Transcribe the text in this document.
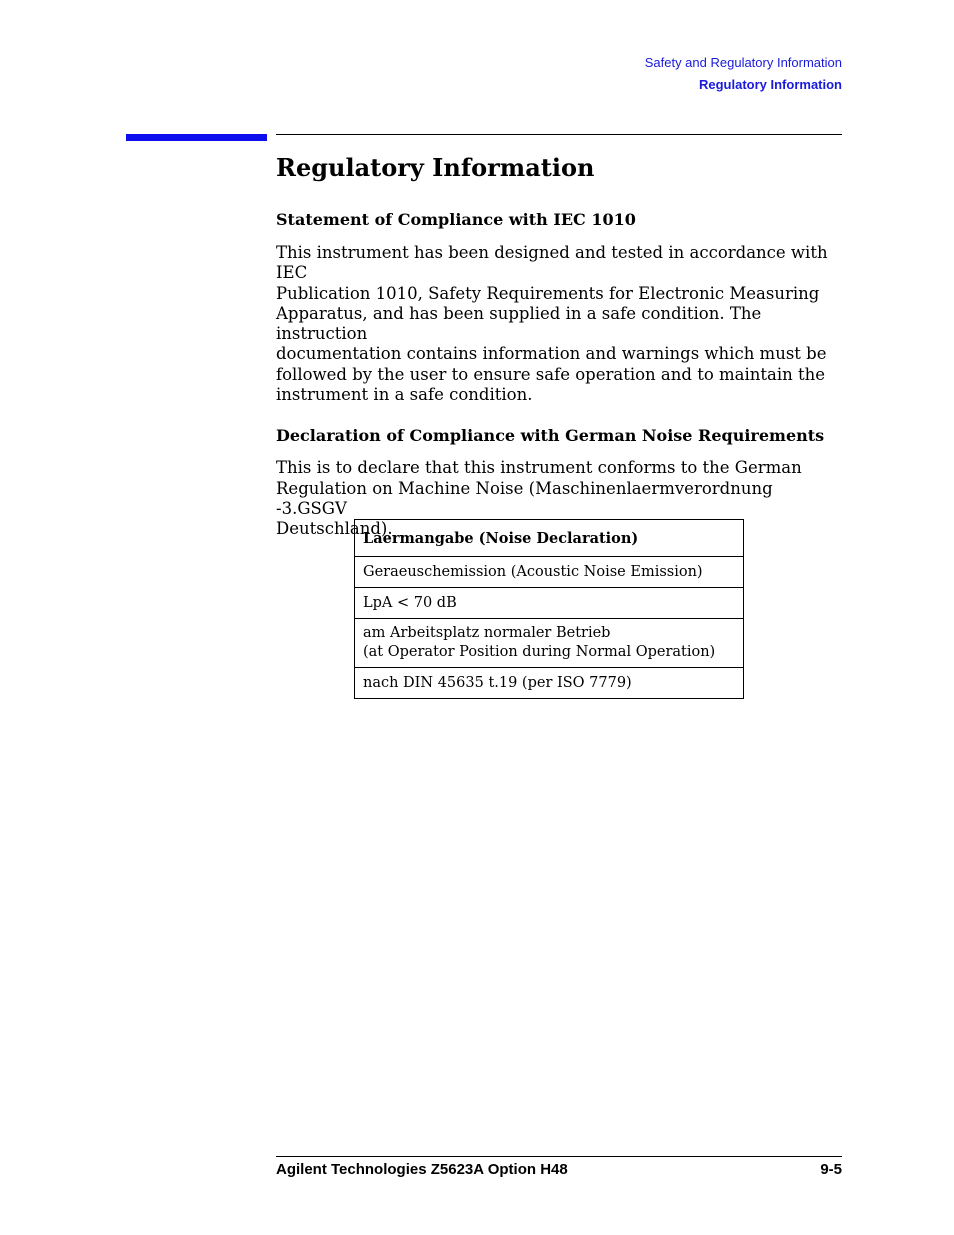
Safety and Regulatory Information
Regulatory Information
Regulatory Information
Statement of Compliance with IEC 1010

This instrument has been designed and tested in accordance with IEC
Publication 1010, Safety Requirements for Electronic Measuring
Apparatus, and has been supplied in a safe condition. The instruction
documentation contains information and warnings which must be
followed by the user to ensure safe operation and to maintain the
instrument in a safe condition.

Declaration of Compliance with German Noise Requirements

This is to declare that this instrument conforms to the German
Regulation on Machine Noise (Maschinenlaermverordnung -3.GSGV
Deutschland).

Laermangabe (Noise Declaration)
Geraeuschemission (Acoustic Noise Emission)
LpA < 70 dB
am Arbeitsplatz normaler Betrieb
(at Operator Position during Normal Operation)
nach DIN 45635 t.19 (per ISO 7779)
Agilent Technologies Z5623A Option H48	9-5
